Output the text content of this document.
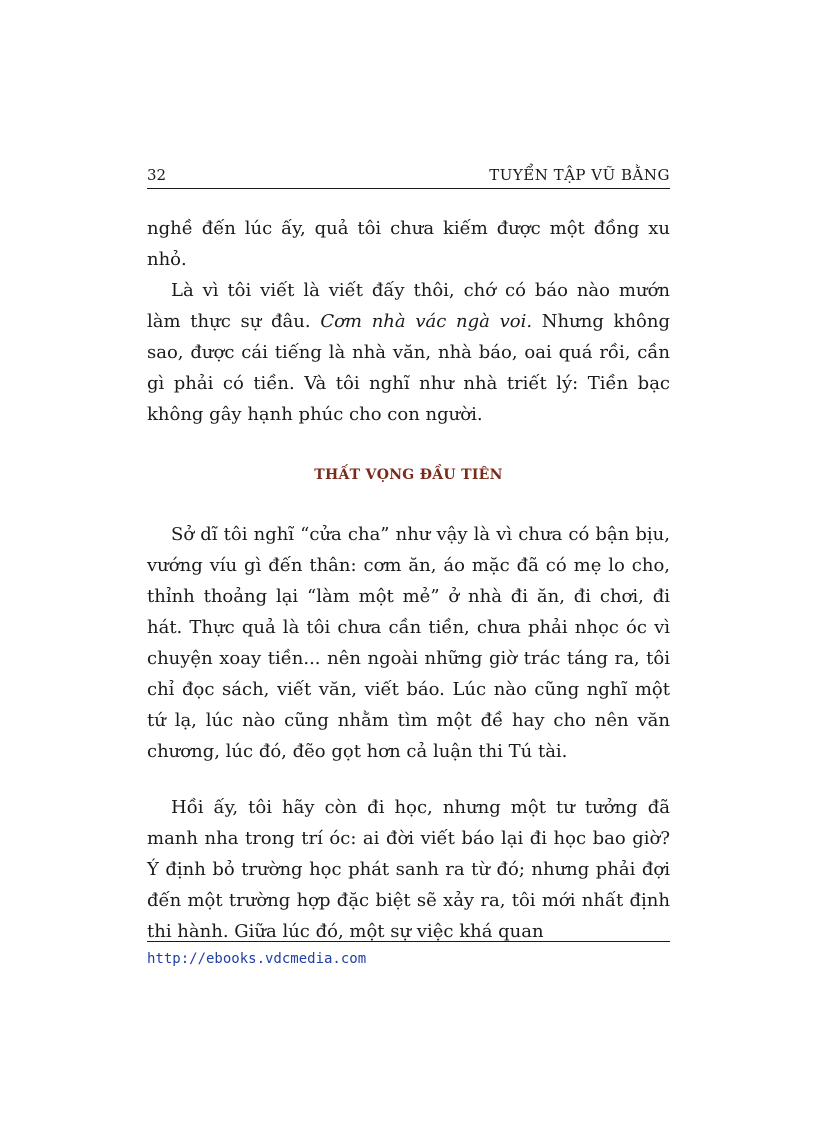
32	TUYỂN TẬP VŨ BẰNG

nghề đến lúc ấy, quả tôi chưa kiếm được một đồng xu nhỏ.

Là vì tôi viết là viết đấy thôi, chớ có báo nào mướn làm thực sự đâu. Cơm nhà vác ngà voi. Nhưng không sao, được cái tiếng là nhà văn, nhà báo, oai quá rồi, cần gì phải có tiền. Và tôi nghĩ như nhà triết lý: Tiền bạc không gây hạnh phúc cho con người.

THẤT VỌNG ĐẦU TIÊN

Sở dĩ tôi nghĩ “cửa cha” như vậy là vì chưa có bận bịu, vướng víu gì đến thân: cơm ăn, áo mặc đã có mẹ lo cho, thỉnh thoảng lại “làm một mẻ” ở nhà đi ăn, đi chơi, đi hát. Thực quả là tôi chưa cần tiền, chưa phải nhọc óc vì chuyện xoay tiền... nên ngoài những giờ trác táng ra, tôi chỉ đọc sách, viết văn, viết báo. Lúc nào cũng nghĩ một tứ lạ, lúc nào cũng nhằm tìm một đề hay cho nên văn chương, lúc đó, đẽo gọt hơn cả luận thi Tú tài.

Hồi ấy, tôi hãy còn đi học, nhưng một tư tưởng đã manh nha trong trí óc: ai đời viết báo lại đi học bao giờ? Ý định bỏ trường học phát sanh ra từ đó; nhưng phải đợi đến một trường hợp đặc biệt sẽ xảy ra, tôi mới nhất định thi hành. Giữa lúc đó, một sự việc khá quan

http://ebooks.vdcmedia.com
